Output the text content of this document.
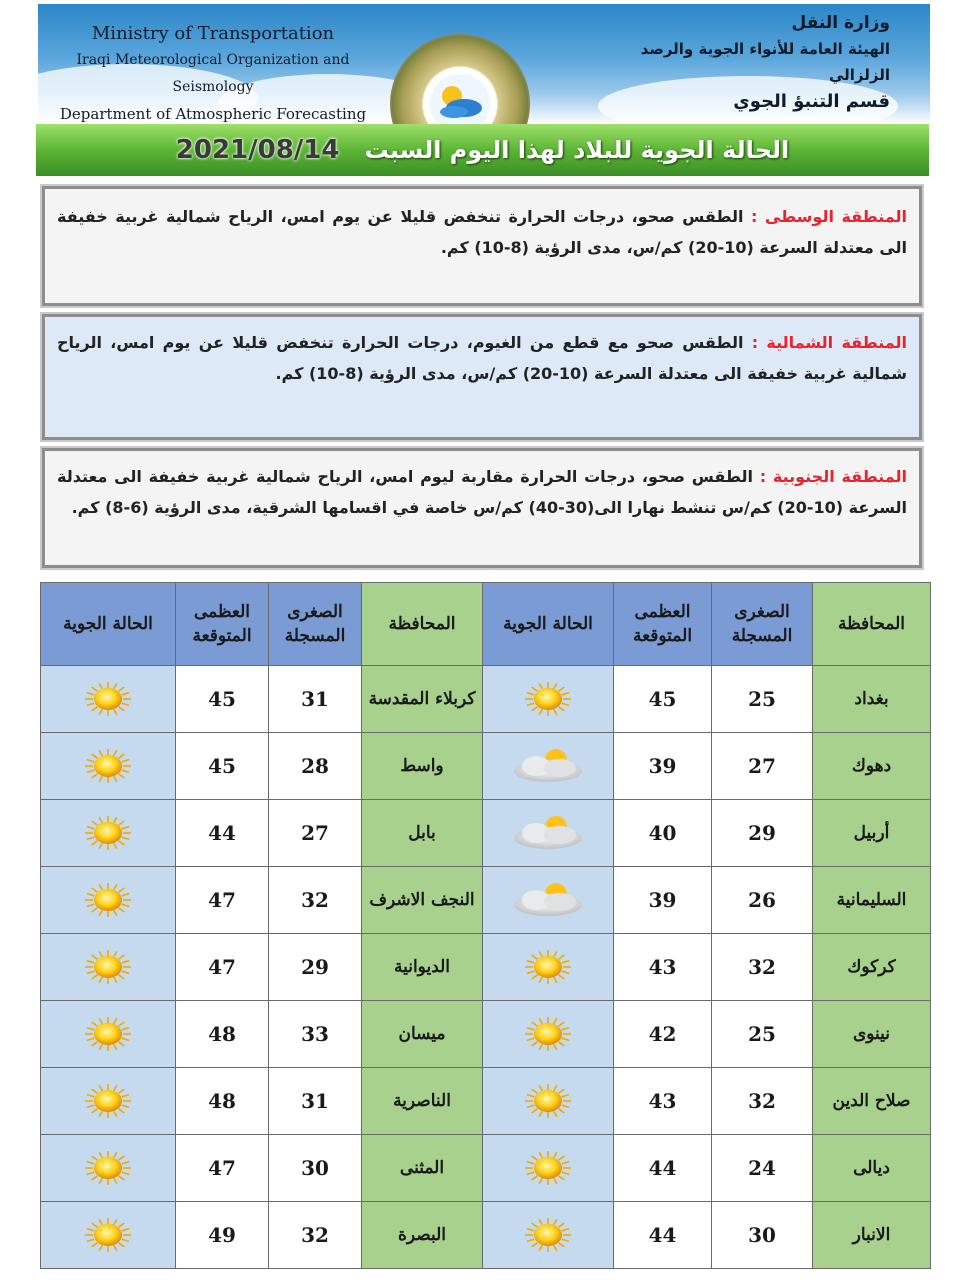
Ministry of Transportation
Iraqi Meteorological Organization and Seismology
Department of Atmospheric Forecasting
وزارة النقل
الهيئة العامة للأنواء الجوية والرصد الزلزالي
قسم التنبؤ الجوي
الحالة الجوية للبلاد لهذا اليوم السبت   2021/08/14

المنطقة الوسطى : الطقس صحو، درجات الحرارة تنخفض قليلا عن يوم امس، الرياح شمالية غربية خفيفة الى معتدلة السرعة (10-20) كم/س، مدى الرؤية (8-10) كم.

المنطقة الشمالية : الطقس صحو مع قطع من الغيوم، درجات الحرارة تنخفض قليلا عن يوم امس، الرياح شمالية غربية خفيفة الى معتدلة السرعة (10-20) كم/س، مدى الرؤية (8-10) كم.

المنطقة الجنوبية : الطقس صحو، درجات الحرارة مقاربة ليوم امس، الرياح شمالية غربية خفيفة الى معتدلة السرعة (10-20) كم/س تنشط نهارا الى(30-40) كم/س خاصة في اقسامها الشرقية، مدى الرؤية (6-8) كم.

المحافظة	الصغرى المسجلة	العظمى المتوقعة	الحالة الجوية	المحافظة	الصغرى المسجلة	العظمى المتوقعة	الحالة الجوية
بغداد	25	45		كربلاء المقدسة	31	45	
دهوك	27	39		واسط	28	45	
أربيل	29	40		بابل	27	44	
السليمانية	26	39		النجف الاشرف	32	47	
كركوك	32	43		الديوانية	29	47	
نينوى	25	42		ميسان	33	48	
صلاح الدين	32	43		الناصرية	31	48	
ديالى	24	44		المثنى	30	47	
الانبار	30	44		البصرة	32	49	
